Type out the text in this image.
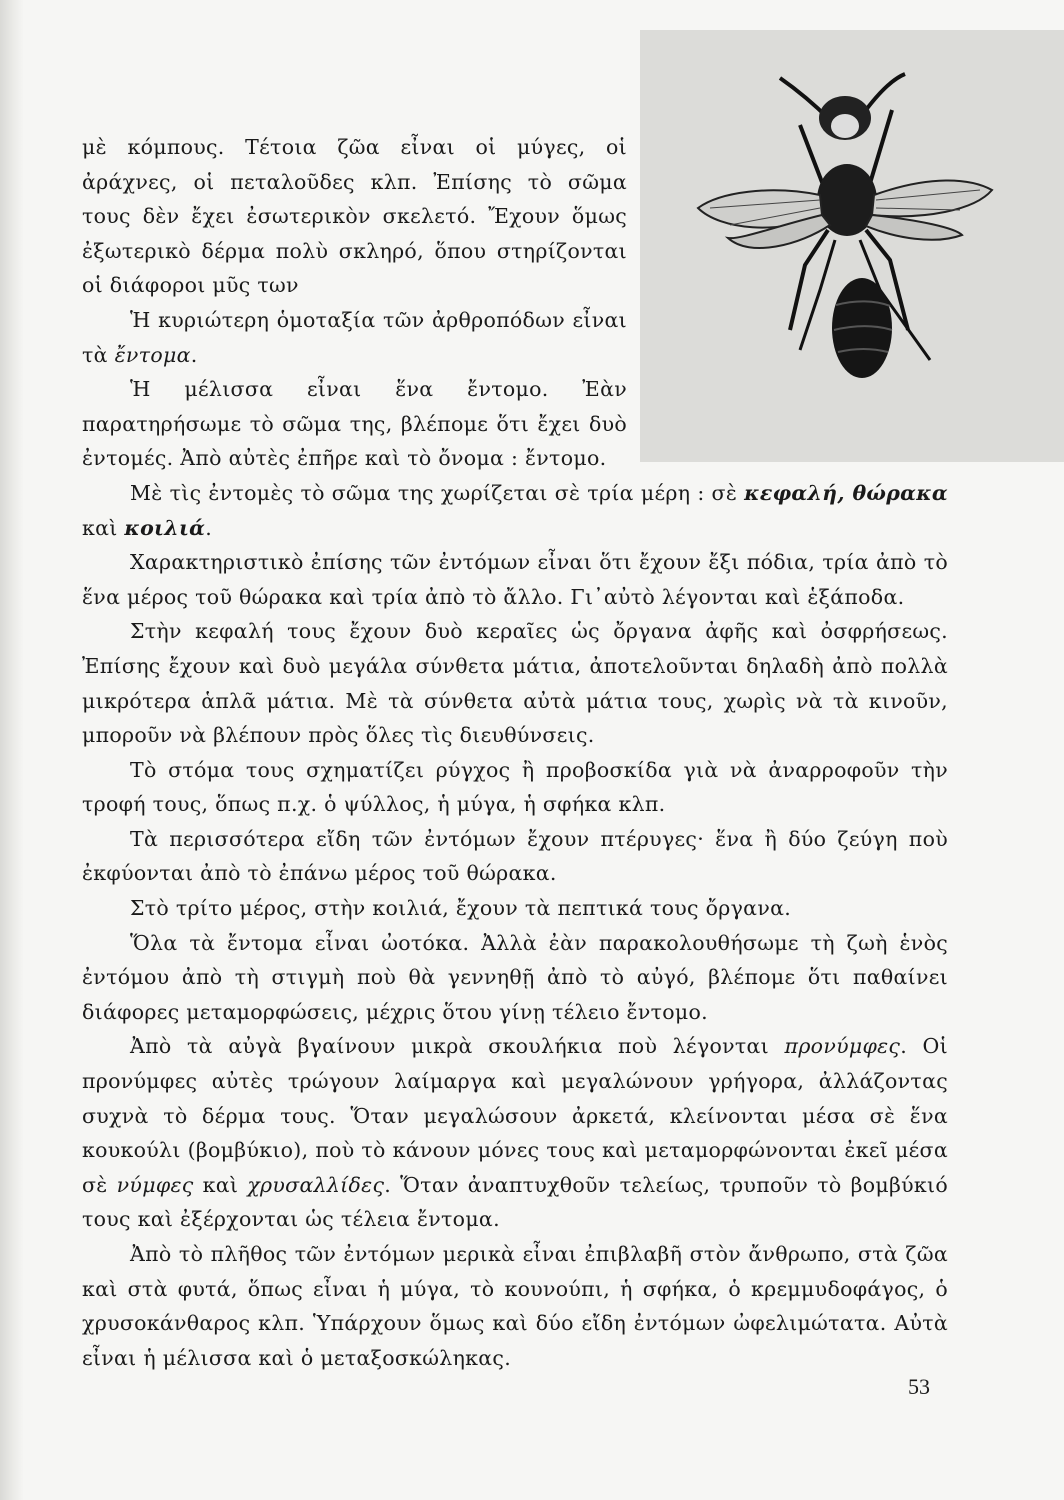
μὲ κόμπους. Τέτοια ζῶα εἶναι οἱ μύγες, οἱ ἀράχνες, οἱ πεταλοῦδες κλπ. Ἐπίσης τὸ σῶμα τους δὲν ἔχει ἐσωτερικὸν σκελετό. Ἔχουν ὅμως ἐξωτερικὸ δέρμα πολὺ σκληρό, ὅπου στηρίζονται οἱ διάφοροι μῦς των

Ἡ κυριώτερη ὁμοταξία τῶν ἀρθροπόδων εἶναι τὰ ἔντομα.

Ἡ μέλισσα εἶναι ἕνα ἔντομο. Ἐὰν παρατηρήσωμε τὸ σῶμα της, βλέπομε ὅτι ἔχει δυὸ ἐντομές. Ἀπὸ αὐτὲς ἐπῆρε καὶ τὸ ὄνομα : ἔντομο.

Μὲ τὶς ἐντομὲς τὸ σῶμα της χωρίζεται σὲ τρία μέρη : σὲ κεφαλή, θώρακα καὶ κοιλιά.

Χαρακτηριστικὸ ἐπίσης τῶν ἐντόμων εἶναι ὅτι ἔχουν ἔξι πόδια, τρία ἀπὸ τὸ ἕνα μέρος τοῦ θώρακα καὶ τρία ἀπὸ τὸ ἄλλο. Γι᾿αὐτὸ λέγονται καὶ ἑξάποδα.

Στὴν κεφαλή τους ἔχουν δυὸ κεραῖες ὡς ὄργανα ἀφῆς καὶ ὀσφρήσεως. Ἐπίσης ἔχουν καὶ δυὸ μεγάλα σύνθετα μάτια, ἀποτελοῦνται δηλαδὴ ἀπὸ πολλὰ μικρότερα ἁπλᾶ μάτια. Μὲ τὰ σύνθετα αὐτὰ μάτια τους, χωρὶς νὰ τὰ κινοῦν, μποροῦν νὰ βλέπουν πρὸς ὅλες τὶς διευθύνσεις.

Τὸ στόμα τους σχηματίζει ρύγχος ἢ προβοσκίδα γιὰ νὰ ἀναρροφοῦν τὴν τροφή τους, ὅπως π.χ. ὁ ψύλλος, ἡ μύγα, ἡ σφήκα κλπ.

Τὰ περισσότερα εἴδη τῶν ἐντόμων ἔχουν πτέρυγες· ἕνα ἢ δύο ζεύγη ποὺ ἐκφύονται ἀπὸ τὸ ἐπάνω μέρος τοῦ θώρακα.

Στὸ τρίτο μέρος, στὴν κοιλιά, ἔχουν τὰ πεπτικά τους ὄργανα.

Ὅλα τὰ ἔντομα εἶναι ὠοτόκα. Ἀλλὰ ἐὰν παρακολουθήσωμε τὴ ζωὴ ἑνὸς ἐντόμου ἀπὸ τὴ στιγμὴ ποὺ θὰ γεννηθῇ ἀπὸ τὸ αὐγό, βλέπομε ὅτι παθαίνει διάφορες μεταμορφώσεις, μέχρις ὅτου γίνῃ τέλειο ἔντομο.

Ἀπὸ τὰ αὐγὰ βγαίνουν μικρὰ σκουλήκια ποὺ λέγονται προνύμφες. Οἱ προνύμφες αὐτὲς τρώγουν λαίμαργα καὶ μεγαλώνουν γρήγορα, ἀλλάζοντας συχνὰ τὸ δέρμα τους. Ὅταν μεγαλώσουν ἀρκετά, κλείνονται μέσα σὲ ἕνα κουκούλι (βομβύκιο), ποὺ τὸ κάνουν μόνες τους καὶ μεταμορφώνονται ἐκεῖ μέσα σὲ νύμφες καὶ χρυσαλλίδες. Ὅταν ἀναπτυχθοῦν τελείως, τρυποῦν τὸ βομβύκιό τους καὶ ἐξέρχονται ὡς τέλεια ἔντομα.

Ἀπὸ τὸ πλῆθος τῶν ἐντόμων μερικὰ εἶναι ἐπιβλαβῆ στὸν ἄνθρωπο, στὰ ζῶα καὶ στὰ φυτά, ὅπως εἶναι ἡ μύγα, τὸ κουνούπι, ἡ σφήκα, ὁ κρεμμυδοφάγος, ὁ χρυσοκάνθαρος κλπ. Ὑπάρχουν ὅμως καὶ δύο εἴδη ἐντόμων ὠφελιμώτατα. Αὐτὰ εἶναι ἡ μέλισσα καὶ ὁ μεταξοσκώληκας.

53
